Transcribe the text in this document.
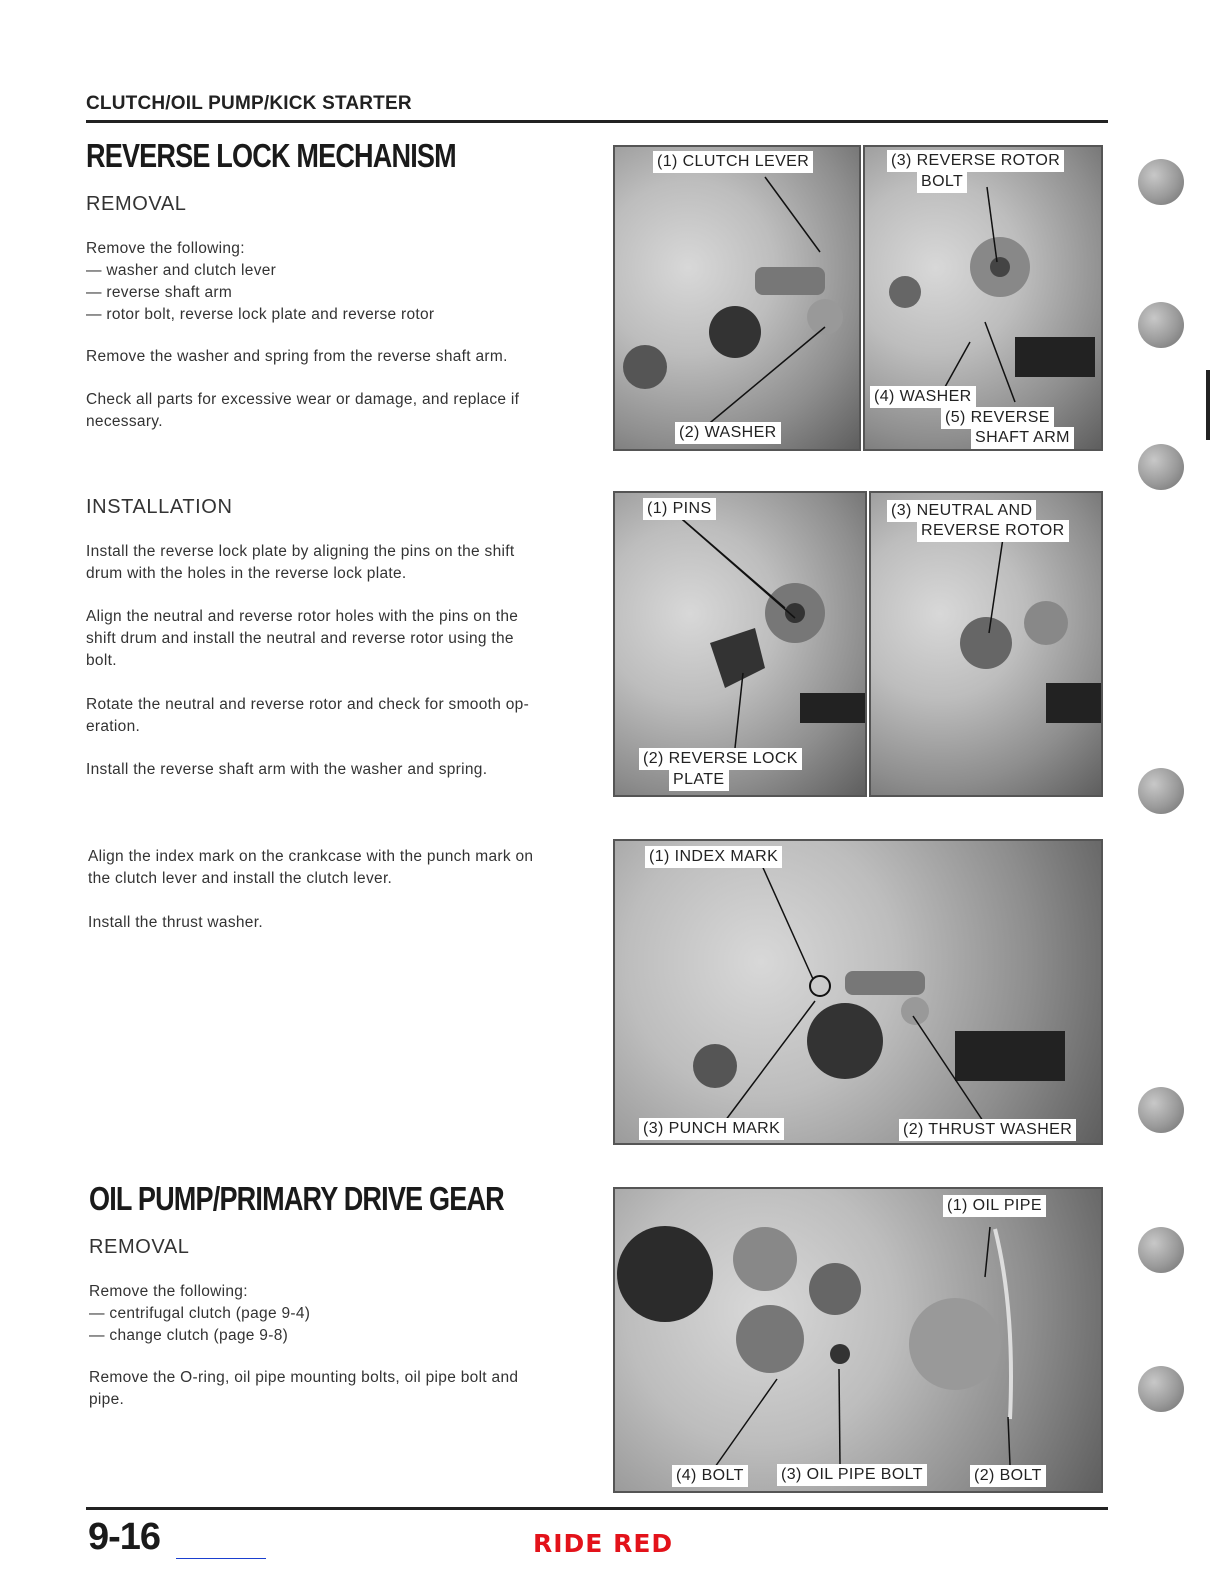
CLUTCH/OIL PUMP/KICK STARTER
REVERSE LOCK MECHANISM
REMOVAL
Remove the following:
— washer and clutch lever
— reverse shaft arm
— rotor bolt, reverse lock plate and reverse rotor
Remove the washer and spring from the reverse shaft arm.
Check all parts for excessive wear or damage, and replace if
necessary.
INSTALLATION
Install the reverse lock plate by aligning the pins on the shift
drum with the holes in the reverse lock plate.
Align the neutral and reverse rotor holes with the pins on the
shift drum and install the neutral and reverse rotor using the
bolt.
Rotate the neutral and reverse rotor and check for smooth op-
eration.
Install the reverse shaft arm with the washer and spring.
Align the index mark on the crankcase with the punch mark on
the clutch lever and install the clutch lever.
Install the thrust washer.
OIL PUMP/PRIMARY DRIVE GEAR
REMOVAL
Remove the following:
— centrifugal clutch (page 9-4)
— change clutch (page 9-8)
Remove the O-ring, oil pipe mounting bolts, oil pipe bolt and
pipe.
(1) CLUTCH LEVER
(2) WASHER
(3) REVERSE ROTOR
BOLT
(4) WASHER
(5) REVERSE
SHAFT ARM
(1) PINS
(2) REVERSE LOCK
PLATE
(3) NEUTRAL AND
REVERSE ROTOR
(1) INDEX MARK
(2) THRUST WASHER
(3) PUNCH MARK
(1) OIL PIPE
(2) BOLT
(3) OIL PIPE BOLT
(4) BOLT
9-16	RIDE RED
